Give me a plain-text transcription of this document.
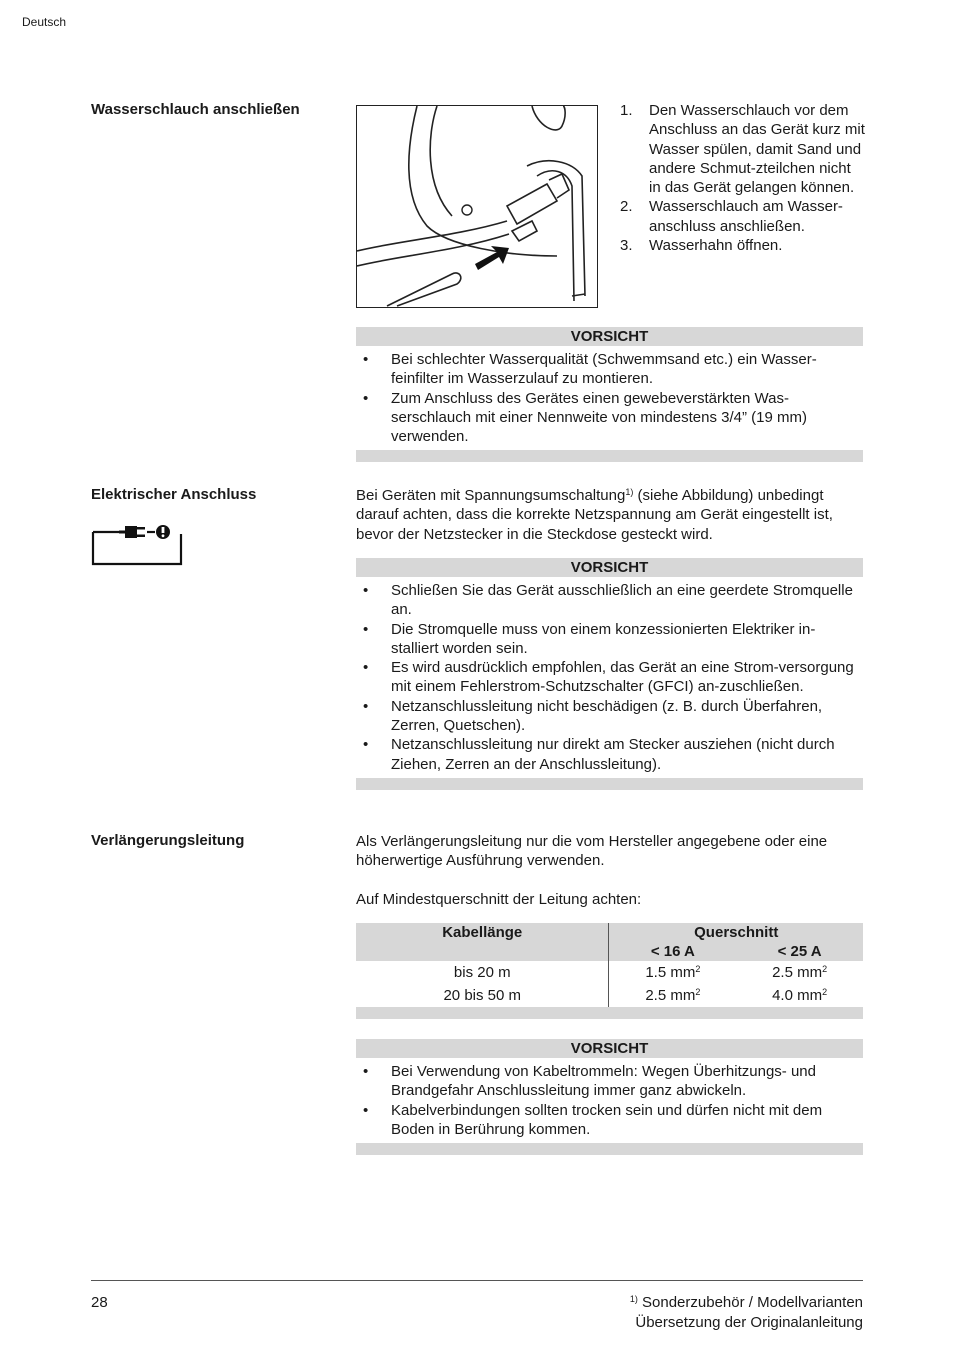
Deutsch
Wasserschlauch anschließen	1. Den Wasserschlauch vor dem Anschluss an das Gerät kurz mit Wasser spülen, damit Sand und andere Schmut-zteilchen nicht in das Gerät gelangen können.
2. Wasserschlauch am Wasser-anschluss anschließen.
3. Wasserhahn öffnen.
VORSICHT
• Bei schlechter Wasserqualität (Schwemmsand etc.) ein Wasser-feinfilter im Wasserzulauf zu montieren.
• Zum Anschluss des Gerätes einen gewebeverstärkten Was-serschlauch mit einer Nennweite von mindestens 3/4” (19 mm) verwenden.
Elektrischer Anschluss	Bei Geräten mit Spannungsumschaltung$^{1)}$ (siehe Abbildung) unbedingt darauf achten, dass die korrekte Netzspannung am Gerät eingestellt ist, bevor der Netzstecker in die Steckdose gesteckt wird.
VORSICHT
• Schließen Sie das Gerät ausschließlich an eine geerdete Stromquelle an.
• Die Stromquelle muss von einem konzessionierten Elektriker in-stalliert worden sein.
• Es wird ausdrücklich empfohlen, das Gerät an eine Strom-versorgung mit einem Fehlerstrom-Schutzschalter (GFCI) an-zuschließen.
• Netzanschlussleitung nicht beschädigen (z. B. durch Überfahren, Zerren, Quetschen).
• Netzanschlussleitung nur direkt am Stecker ausziehen (nicht durch Ziehen, Zerren an der Anschlussleitung).
Verlängerungsleitung	Als Verlängerungsleitung nur die vom Hersteller angegebene oder eine höherwertige Ausführung verwenden.
Auf Mindestquerschnitt der Leitung achten:
Kabellänge	Querschnitt	
	< 16 A	< 25 A
bis 20 m	1.5 $mm^2$	2.5 $mm^2$
20 bis 50 m	2.5 $mm^2$	4.0 $mm^2$
VORSICHT
• Bei Verwendung von Kabeltrommeln: Wegen Überhitzungs- und Brandgefahr Anschlussleitung immer ganz abwickeln.
• Kabelverbindungen sollten trocken sein und dürfen nicht mit dem Boden in Berührung kommen.
28	$^{1)}$ Sonderzubehör / Modellvarianten
Übersetzung der Originalanleitung
